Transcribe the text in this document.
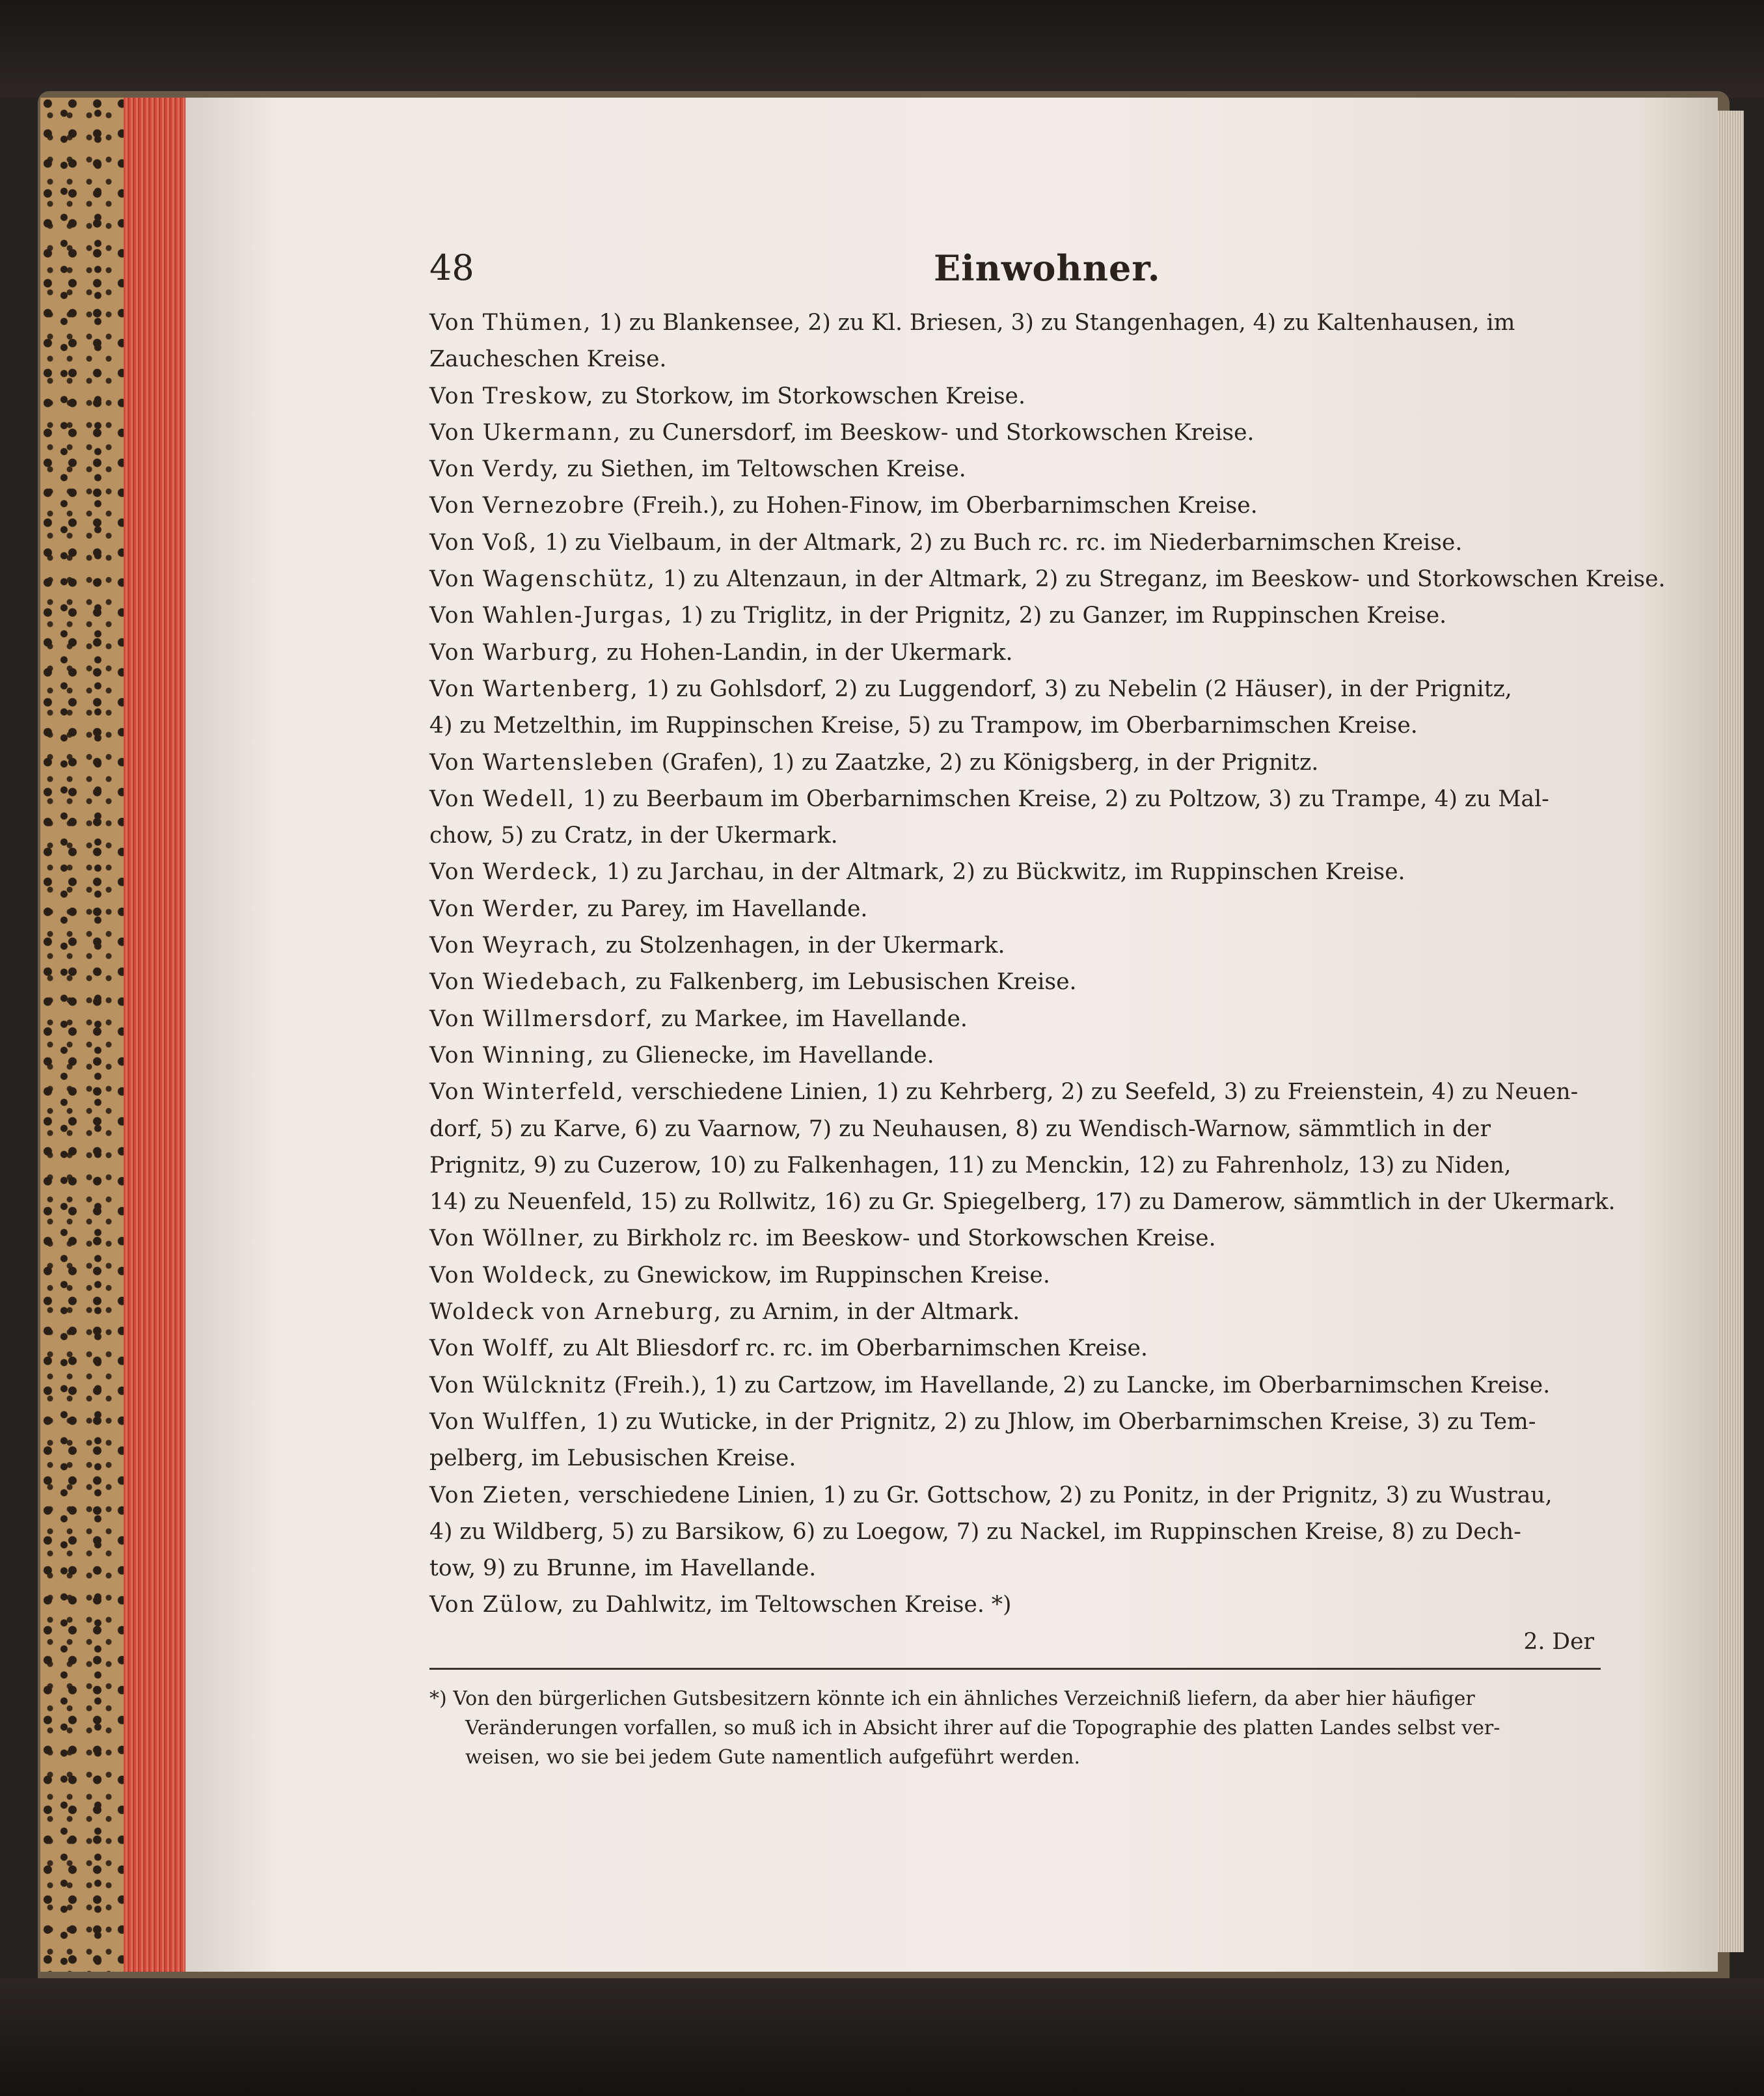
48	Einwohner.
Von Thümen, 1) zu Blankensee, 2) zu Kl. Briesen, 3) zu Stangenhagen, 4) zu Kaltenhausen, im
Zaucheschen Kreise.
Von Treskow, zu Storkow, im Storkowschen Kreise.
Von Ukermann, zu Cunersdorf, im Beeskow- und Storkowschen Kreise.
Von Verdy, zu Siethen, im Teltowschen Kreise.
Von Vernezobre (Freih.), zu Hohen-Finow, im Oberbarnimschen Kreise.
Von Voß, 1) zu Vielbaum, in der Altmark, 2) zu Buch rc. rc. im Niederbarnimschen Kreise.
Von Wagenschütz, 1) zu Altenzaun, in der Altmark, 2) zu Streganz, im Beeskow- und Storkowschen Kreise.
Von Wahlen-Jurgas, 1) zu Triglitz, in der Prignitz, 2) zu Ganzer, im Ruppinschen Kreise.
Von Warburg, zu Hohen-Landin, in der Ukermark.
Von Wartenberg, 1) zu Gohlsdorf, 2) zu Luggendorf, 3) zu Nebelin (2 Häuser), in der Prignitz,
4) zu Metzelthin, im Ruppinschen Kreise, 5) zu Trampow, im Oberbarnimschen Kreise.
Von Wartensleben (Grafen), 1) zu Zaatzke, 2) zu Königsberg, in der Prignitz.
Von Wedell, 1) zu Beerbaum im Oberbarnimschen Kreise, 2) zu Poltzow, 3) zu Trampe, 4) zu Mal-
chow, 5) zu Cratz, in der Ukermark.
Von Werdeck, 1) zu Jarchau, in der Altmark, 2) zu Bückwitz, im Ruppinschen Kreise.
Von Werder, zu Parey, im Havellande.
Von Weyrach, zu Stolzenhagen, in der Ukermark.
Von Wiedebach, zu Falkenberg, im Lebusischen Kreise.
Von Willmersdorf, zu Markee, im Havellande.
Von Winning, zu Glienecke, im Havellande.
Von Winterfeld, verschiedene Linien, 1) zu Kehrberg, 2) zu Seefeld, 3) zu Freienstein, 4) zu Neuen-
dorf, 5) zu Karve, 6) zu Vaarnow, 7) zu Neuhausen, 8) zu Wendisch-Warnow, sämmtlich in der
Prignitz, 9) zu Cuzerow, 10) zu Falkenhagen, 11) zu Menckin, 12) zu Fahrenholz, 13) zu Niden,
14) zu Neuenfeld, 15) zu Rollwitz, 16) zu Gr. Spiegelberg, 17) zu Damerow, sämmtlich in der Ukermark.
Von Wöllner, zu Birkholz rc. im Beeskow- und Storkowschen Kreise.
Von Woldeck, zu Gnewickow, im Ruppinschen Kreise.
Woldeck von Arneburg, zu Arnim, in der Altmark.
Von Wolff, zu Alt Bliesdorf rc. rc. im Oberbarnimschen Kreise.
Von Wülcknitz (Freih.), 1) zu Cartzow, im Havellande, 2) zu Lancke, im Oberbarnimschen Kreise.
Von Wulffen, 1) zu Wuticke, in der Prignitz, 2) zu Jhlow, im Oberbarnimschen Kreise, 3) zu Tem-
pelberg, im Lebusischen Kreise.
Von Zieten, verschiedene Linien, 1) zu Gr. Gottschow, 2) zu Ponitz, in der Prignitz, 3) zu Wustrau,
4) zu Wildberg, 5) zu Barsikow, 6) zu Loegow, 7) zu Nackel, im Ruppinschen Kreise, 8) zu Dech-
tow, 9) zu Brunne, im Havellande.
Von Zülow, zu Dahlwitz, im Teltowschen Kreise. *)
2. Der
*) Von den bürgerlichen Gutsbesitzern könnte ich ein ähnliches Verzeichniß liefern, da aber hier häufiger
Veränderungen vorfallen, so muß ich in Absicht ihrer auf die Topographie des platten Landes selbst ver-
weisen, wo sie bei jedem Gute namentlich aufgeführt werden.
